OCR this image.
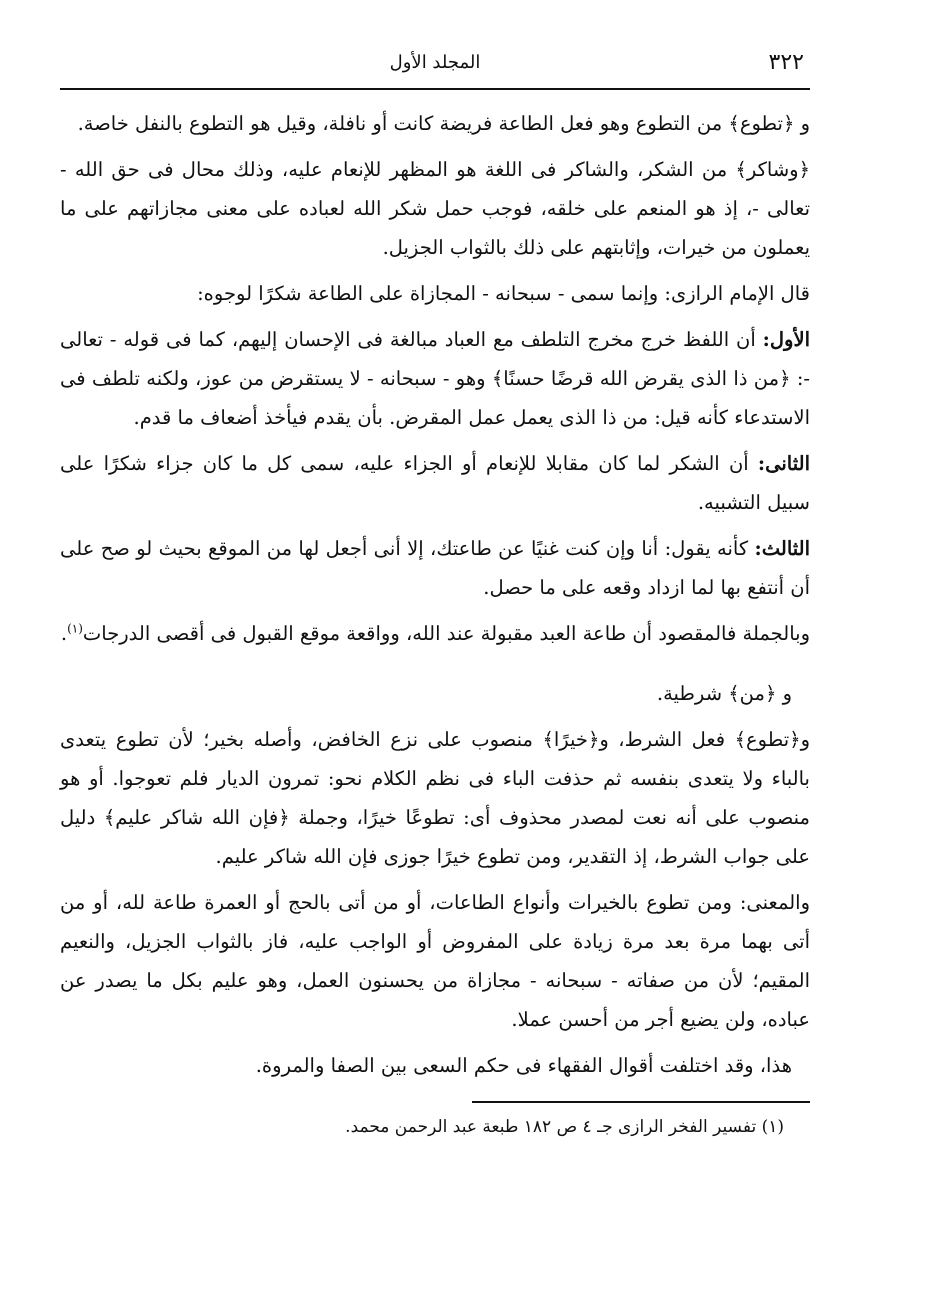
٣٢٢
المجلد الأول

و ﴿تطوع﴾ من التطوع وهو فعل الطاعة فريضة كانت أو نافلة، وقيل هو التطوع بالنفل خاصة.

﴿وشاكر﴾ من الشكر، والشاكر فى اللغة هو المظهر للإنعام عليه، وذلك محال فى حق الله - تعالى -، إذ هو المنعم على خلقه، فوجب حمل شكر الله لعباده على معنى مجازاتهم على ما يعملون من خيرات، وإثابتهم على ذلك بالثواب الجزيل.

قال الإمام الرازى: وإنما سمى - سبحانه - المجازاة على الطاعة شكرًا لوجوه:

الأول: أن اللفظ خرج مخرج التلطف مع العباد مبالغة فى الإحسان إليهم، كما فى قوله - تعالى -: ﴿من ذا الذى يقرض الله قرضًا حسنًا﴾ وهو - سبحانه - لا يستقرض من عوز، ولكنه تلطف فى الاستدعاء كأنه قيل: من ذا الذى يعمل عمل المقرض. بأن يقدم فيأخذ أضعاف ما قدم.

الثانى: أن الشكر لما كان مقابلا للإنعام أو الجزاء عليه، سمى كل ما كان جزاء شكرًا على سبيل التشبيه.

الثالث: كأنه يقول: أنا وإن كنت غنيًا عن طاعتك، إلا أنى أجعل لها من الموقع بحيث لو صح على أن أنتفع بها لما ازداد وقعه على ما حصل.

وبالجملة فالمقصود أن طاعة العبد مقبولة عند الله، وواقعة موقع القبول فى أقصى الدرجات$^{(١)}$.

و ﴿من﴾ شرطية.

و﴿تطوع﴾ فعل الشرط، و﴿خيرًا﴾ منصوب على نزع الخافض، وأصله بخير؛ لأن تطوع يتعدى بالباء ولا يتعدى بنفسه ثم حذفت الباء فى نظم الكلام نحو: تمرون الديار فلم تعوجوا. أو هو منصوب على أنه نعت لمصدر محذوف أى: تطوعًا خيرًا، وجملة ﴿فإن الله شاكر عليم﴾ دليل على جواب الشرط، إذ التقدير، ومن تطوع خيرًا جوزى فإن الله شاكر عليم.

والمعنى: ومن تطوع بالخيرات وأنواع الطاعات، أو من أتى بالحج أو العمرة طاعة لله، أو من أتى بهما مرة بعد مرة زيادة على المفروض أو الواجب عليه، فاز بالثواب الجزيل، والنعيم المقيم؛ لأن من صفاته - سبحانه - مجازاة من يحسنون العمل، وهو عليم بكل ما يصدر عن عباده، ولن يضيع أجر من أحسن عملا.

هذا، وقد اختلفت أقوال الفقهاء فى حكم السعى بين الصفا والمروة.

(١) تفسير الفخر الرازى جـ ٤ ص ١٨٢ طبعة عبد الرحمن محمد.
